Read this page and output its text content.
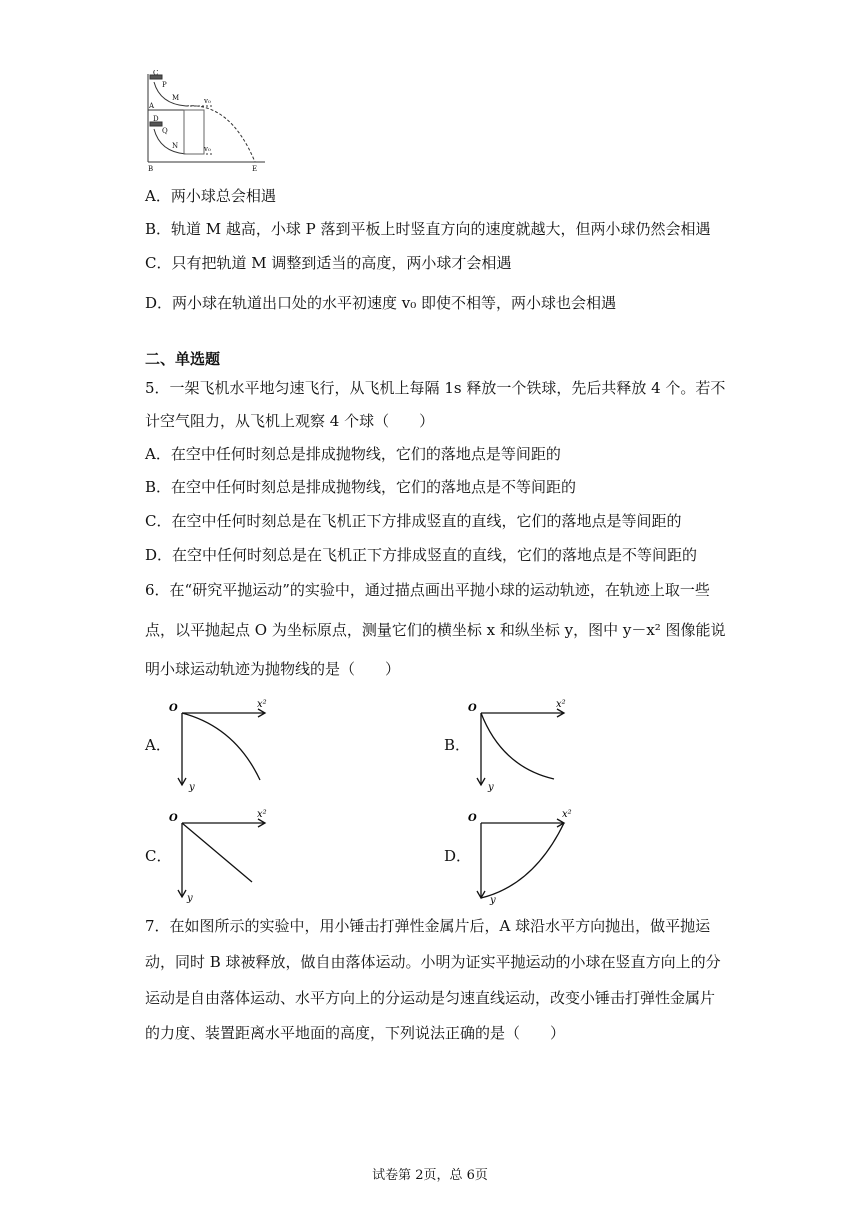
C
P
M	v₀
A
D
Q
N	v₀
B	E
A．两小球总会相遇
B．轨道 M 越高，小球 P 落到平板上时竖直方向的速度就越大，但两小球仍然会相遇
C．只有把轨道 M 调整到适当的高度，两小球才会相遇
D．两小球在轨道出口处的水平初速度 v₀ 即使不相等，两小球也会相遇
二、单选题
5．一架飞机水平地匀速飞行，从飞机上每隔 1s 释放一个铁球，先后共释放 4 个。若不
计空气阻力，从飞机上观察 4 个球（　　）
A．在空中任何时刻总是排成抛物线，它们的落地点是等间距的
B．在空中任何时刻总是排成抛物线，它们的落地点是不等间距的
C．在空中任何时刻总是在飞机正下方排成竖直的直线，它们的落地点是等间距的
D．在空中任何时刻总是在飞机正下方排成竖直的直线，它们的落地点是不等间距的
6．在“研究平抛运动”的实验中，通过描点画出平抛小球的运动轨迹，在轨迹上取一些
点，以平抛起点 O 为坐标原点，测量它们的横坐标 x 和纵坐标 y，图中 y－x² 图像能说
明小球运动轨迹为抛物线的是（　　）
A．
O	x²
y
B．
O	x²
y
C．
O	x²
y
D．
O	x²
y
7．在如图所示的实验中，用小锤击打弹性金属片后，A 球沿水平方向抛出，做平抛运
动，同时 B 球被释放，做自由落体运动。小明为证实平抛运动的小球在竖直方向上的分
运动是自由落体运动、水平方向上的分运动是匀速直线运动，改变小锤击打弹性金属片
的力度、装置距离水平地面的高度，下列说法正确的是（　　）
试卷第 2页，总 6页
